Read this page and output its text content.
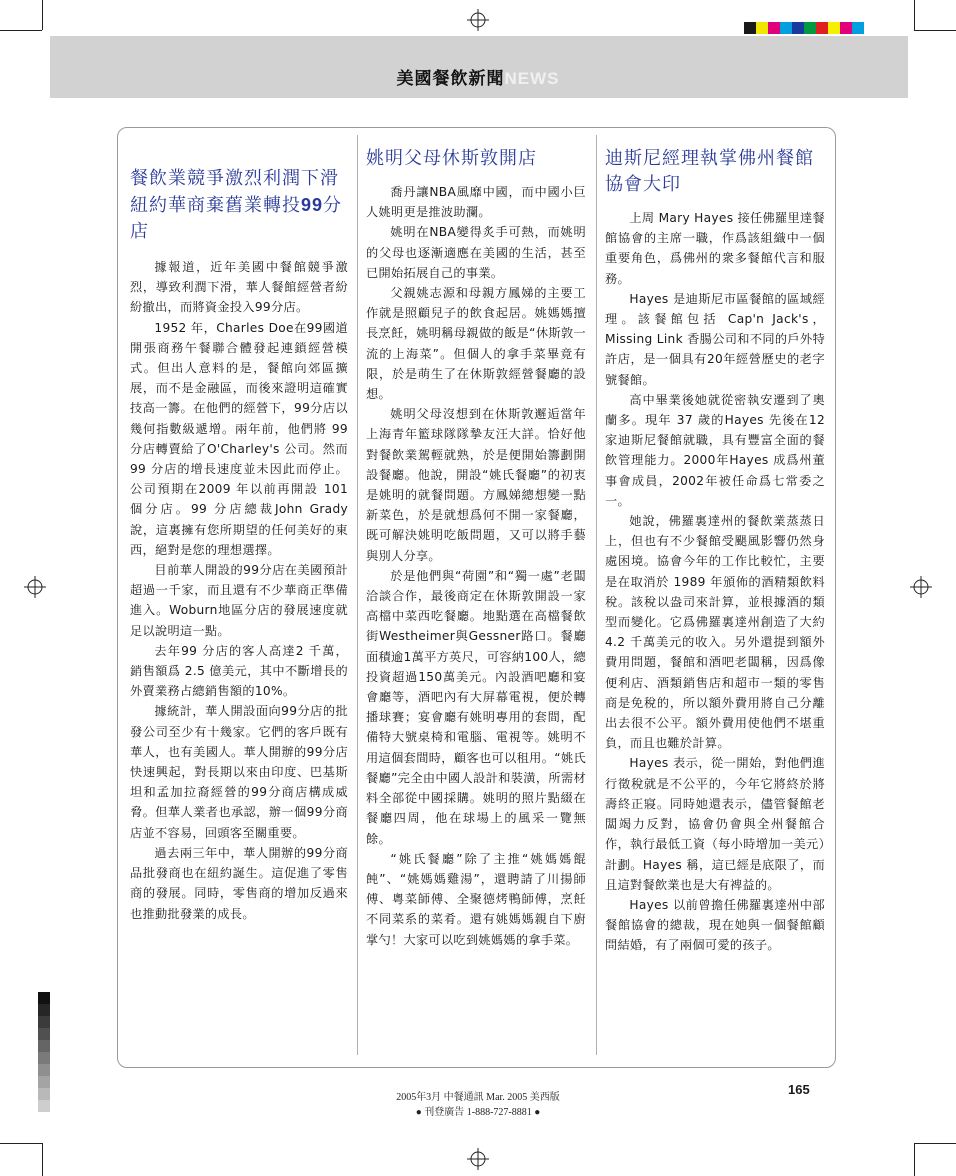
美國餐飲新聞NEWS
餐飲業競爭激烈利潤下滑紐約華商棄舊業轉投99分店

據報道，近年美國中餐館競爭激烈，導致利潤下滑，華人餐館經營者紛紛撤出，而將資金投入99分店。

1952 年，Charles Doe在99國道開張商務午餐聯合體發起連鎖經營模式。但出人意料的是，餐館向郊區擴展，而不是金融區，而後來證明這確實技高一籌。在他們的經營下，99分店以幾何指數級遞增。兩年前，他們將 99 分店轉賣給了O'Charley's 公司。然而99 分店的增長速度並未因此而停止。公司預期在2009 年以前再開設 101 個分店。99 分店總裁John Grady 說，這裏擁有您所期望的任何美好的東西，絕對是您的理想選擇。

目前華人開設的99分店在美國預計超過一千家，而且還有不少華商正準備進入。Woburn地區分店的發展速度就足以說明這一點。

去年99 分店的客人高達2 千萬，銷售額爲 2.5 億美元，其中不斷增長的外賣業務占總銷售額的10%。

據統計，華人開設面向99分店的批發公司至少有十幾家。它們的客戶既有華人，也有美國人。華人開辦的99分店快速興起，對長期以來由印度、巴基斯坦和孟加拉裔經營的99分商店構成威脅。但華人業者也承認，辦一個99分商店並不容易，回頭客至關重要。

過去兩三年中，華人開辦的99分商品批發商也在紐約誕生。這促進了零售商的發展。同時，零售商的增加反過來也推動批發業的成長。

姚明父母休斯敦開店

喬丹讓NBA風靡中國，而中國小巨人姚明更是推波助瀾。

姚明在NBA變得炙手可熱，而姚明的父母也逐漸適應在美國的生活，甚至已開始拓展自己的事業。

父親姚志源和母親方鳳娣的主要工作就是照顧兒子的飲食起居。姚媽媽擅長烹飪，姚明稱母親做的飯是“休斯敦一流的上海菜”。但個人的拿手菜畢竟有限，於是萌生了在休斯敦經營餐廳的設想。

姚明父母沒想到在休斯敦邂逅當年上海青年籃球隊隊摯友汪大詳。恰好他對餐飲業駕輕就熟，於是便開始籌劃開設餐廳。他說，開設“姚氏餐廳”的初衷是姚明的就餐問題。方鳳娣總想變一點新菜色，於是就想爲何不開一家餐廳，既可解決姚明吃飯問題，又可以將手藝與別人分享。

於是他們與“荷園”和“獨一處”老闆洽談合作，最後商定在休斯敦開設一家高檔中菜西吃餐廳。地點選在高檔餐飲街Westheimer與Gessner路口。餐廳面積逾1萬平方英尺，可容納100人，總投資超過150萬美元。內設酒吧廳和宴會廳等，酒吧內有大屏幕電視，便於轉播球賽；宴會廳有姚明專用的套間，配備特大號桌椅和電腦、電視等。姚明不用這個套間時，顧客也可以租用。“姚氏餐廳”完全由中國人設計和裝潢，所需材料全部從中國採購。姚明的照片點綴在餐廳四周，他在球場上的風采一覽無餘。

“姚氏餐廳”除了主推“姚媽媽餛飩”、“姚媽媽雞湯”，還聘請了川揚師傅、粵菜師傅、全聚德烤鴨師傅，烹飪不同菜系的菜肴。還有姚媽媽親自下廚掌勺！大家可以吃到姚媽媽的拿手菜。

迪斯尼經理執掌佛州餐館協會大印

上周 Mary Hayes 接任佛羅里達餐館協會的主席一職，作爲該組織中一個重要角色，爲佛州的衆多餐館代言和服務。

Hayes 是迪斯尼市區餐館的區域經理。該餐館包括 Cap'n Jack's，Missing Link 香腸公司和不同的戶外特許店，是一個具有20年經營歷史的老字號餐館。

高中畢業後她就從密執安遷到了奧蘭多。現年 37 歲的Hayes 先後在12 家迪斯尼餐館就職，具有豐富全面的餐飲管理能力。2000年Hayes 成爲州董事會成員，2002年被任命爲七常委之一。

她說，佛羅裏達州的餐飲業蒸蒸日上，但也有不少餐館受颶風影響仍然身處困境。協會今年的工作比較忙，主要是在取消於 1989 年頒佈的酒精類飲料稅。該稅以盎司來計算，並根據酒的類型而變化。它爲佛羅裏達州創造了大約4.2 千萬美元的收入。另外還提到額外費用問題，餐館和酒吧老闆稱，因爲像便利店、酒類銷售店和超市一類的零售商是免稅的，所以額外費用將自己分離出去很不公平。額外費用使他們不堪重負，而且也難於計算。

Hayes 表示，從一開始，對他們進行徵稅就是不公平的，今年它將終於將壽終正寢。同時她還表示，儘管餐館老闆竭力反對，協會仍會與全州餐館合作，執行最低工資（每小時增加一美元）計劃。Hayes 稱，這已經是底限了，而且這對餐飲業也是大有裨益的。

Hayes 以前曾擔任佛羅裏達州中部餐館協會的總裁，現在她與一個餐館顧問結婚，有了兩個可愛的孩子。

2005年3月 中餐通訊 Mar. 2005 美西版
● 刊登廣告 1-888-727-8881 ●
165
